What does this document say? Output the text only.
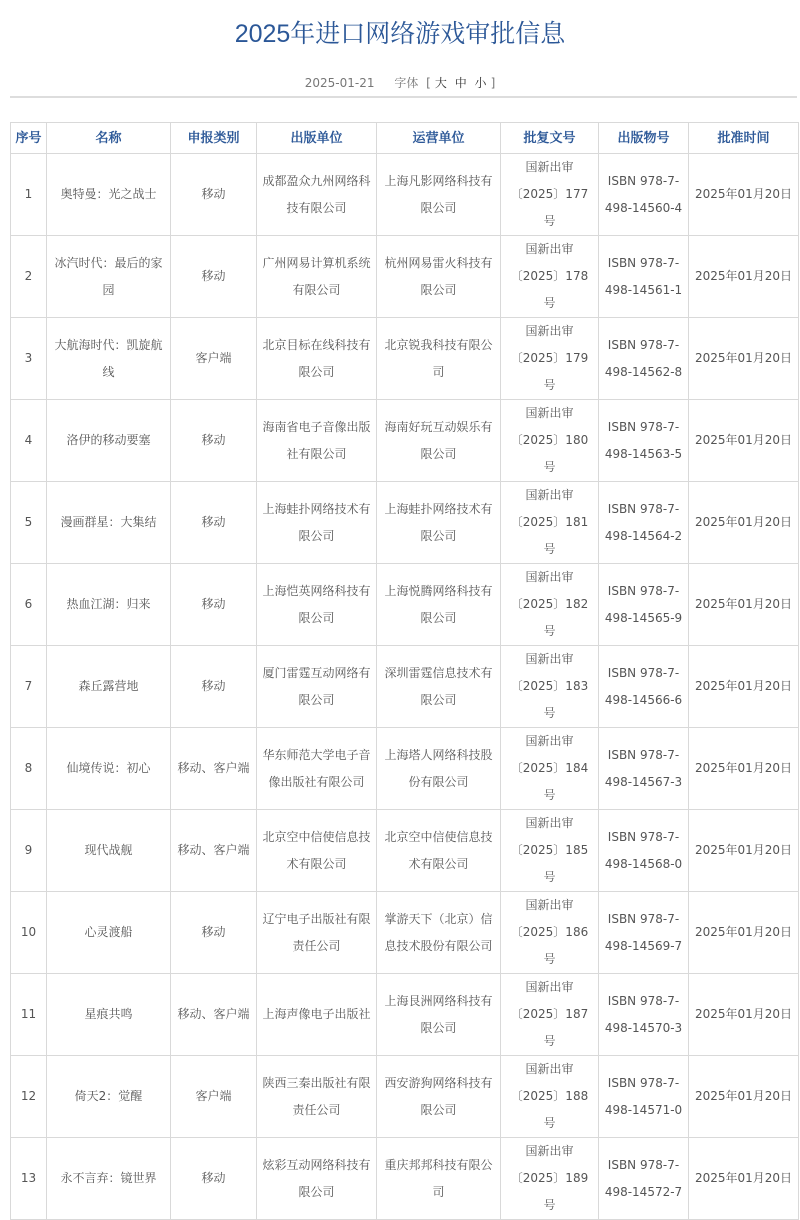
2025年进口网络游戏审批信息
2025-01-21 字体 [ 大 中 小 ]
序号	名称	申报类别	出版单位	运营单位	批复文号	出版物号	批准时间
1	奥特曼：光之战士	移动	成都盈众九州网络科技有限公司	上海凡影网络科技有限公司	国新出审〔2025〕177号	ISBN 978-7-498-14560-4	2025年01月20日
2	冰汽时代：最后的家园	移动	广州网易计算机系统有限公司	杭州网易雷火科技有限公司	国新出审〔2025〕178号	ISBN 978-7-498-14561-1	2025年01月20日
3	大航海时代：凯旋航线	客户端	北京目标在线科技有限公司	北京锐我科技有限公司	国新出审〔2025〕179号	ISBN 978-7-498-14562-8	2025年01月20日
4	洛伊的移动要塞	移动	海南省电子音像出版社有限公司	海南好玩互动娱乐有限公司	国新出审〔2025〕180号	ISBN 978-7-498-14563-5	2025年01月20日
5	漫画群星：大集结	移动	上海蛙扑网络技术有限公司	上海蛙扑网络技术有限公司	国新出审〔2025〕181号	ISBN 978-7-498-14564-2	2025年01月20日
6	热血江湖：归来	移动	上海恺英网络科技有限公司	上海悦腾网络科技有限公司	国新出审〔2025〕182号	ISBN 978-7-498-14565-9	2025年01月20日
7	森丘露营地	移动	厦门雷霆互动网络有限公司	深圳雷霆信息技术有限公司	国新出审〔2025〕183号	ISBN 978-7-498-14566-6	2025年01月20日
8	仙境传说：初心	移动、客户端	华东师范大学电子音像出版社有限公司	上海塔人网络科技股份有限公司	国新出审〔2025〕184号	ISBN 978-7-498-14567-3	2025年01月20日
9	现代战舰	移动、客户端	北京空中信使信息技术有限公司	北京空中信使信息技术有限公司	国新出审〔2025〕185号	ISBN 978-7-498-14568-0	2025年01月20日
10	心灵渡船	移动	辽宁电子出版社有限责任公司	掌游天下（北京）信息技术股份有限公司	国新出审〔2025〕186号	ISBN 978-7-498-14569-7	2025年01月20日
11	星痕共鸣	移动、客户端	上海声像电子出版社	上海艮洲网络科技有限公司	国新出审〔2025〕187号	ISBN 978-7-498-14570-3	2025年01月20日
12	倚天2：觉醒	客户端	陕西三秦出版社有限责任公司	西安游狗网络科技有限公司	国新出审〔2025〕188号	ISBN 978-7-498-14571-0	2025年01月20日
13	永不言弃：镜世界	移动	炫彩互动网络科技有限公司	重庆邦邦科技有限公司	国新出审〔2025〕189号	ISBN 978-7-498-14572-7	2025年01月20日
